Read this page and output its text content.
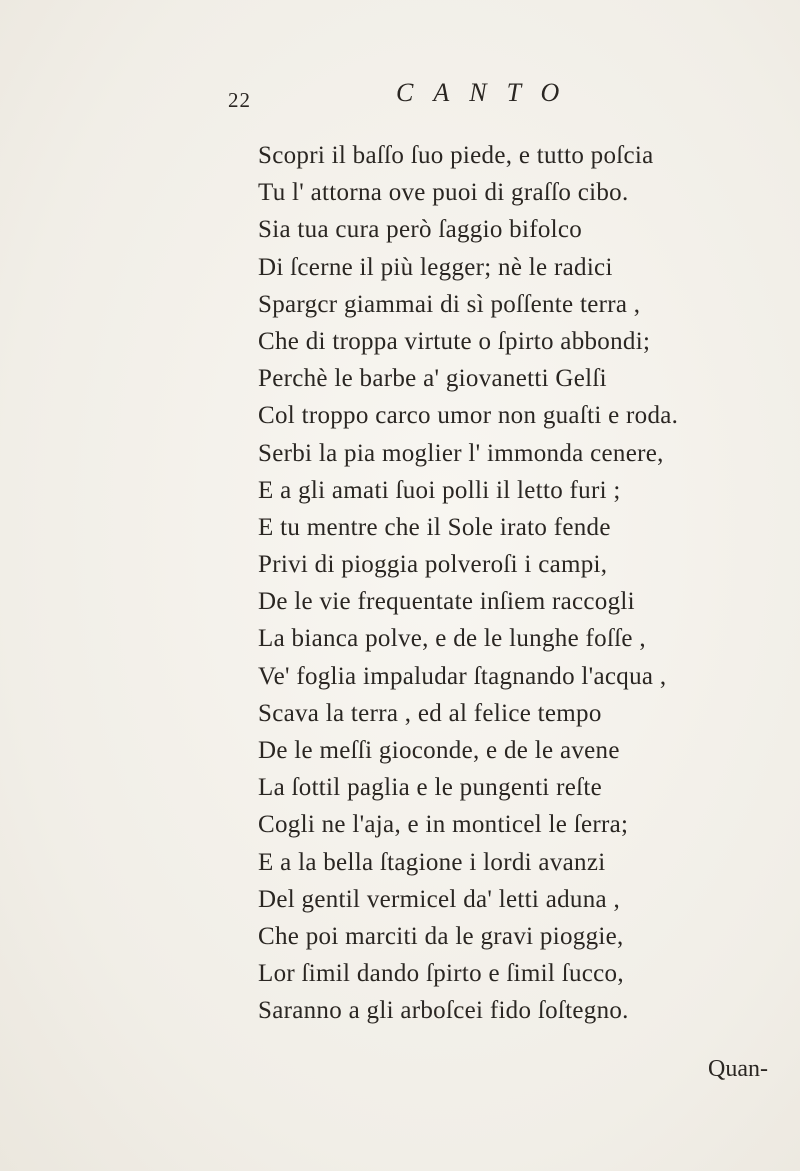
22	CANTO
Scopri il baſſo ſuo piede, e tutto poſcia
Tu l' attorna ove puoi di graſſo cibo.
Sia tua cura però ſaggio bifolco
Di ſcerne il più legger; nè le radici
Spargcr giammai di sì poſſente terra ,
Che di troppa virtute o ſpirto abbondi;
Perchè le barbe a' giovanetti Gelſi
Col troppo carco umor non guaſti e roda.
Serbi la pia moglier l' immonda cenere,
E a gli amati ſuoi polli il letto furi ;
E tu mentre che il Sole irato fende
Privi di pioggia polveroſi i campi,
De le vie frequentate inſiem raccogli
La bianca polve, e de le lunghe foſſe ,
Ve' foglia impaludar ſtagnando l'acqua ,
Scava la terra , ed al felice tempo
De le meſſi gioconde, e de le avene
La ſottil paglia e le pungenti reſte
Cogli ne l'aja, e in monticel le ſerra;
E a la bella ſtagione i lordi avanzi
Del gentil vermicel da' letti aduna ,
Che poi marciti da le gravi pioggie,
Lor ſimil dando ſpirto e ſimil ſucco,
Saranno a gli arboſcei fido ſoſtegno.
Quan-
